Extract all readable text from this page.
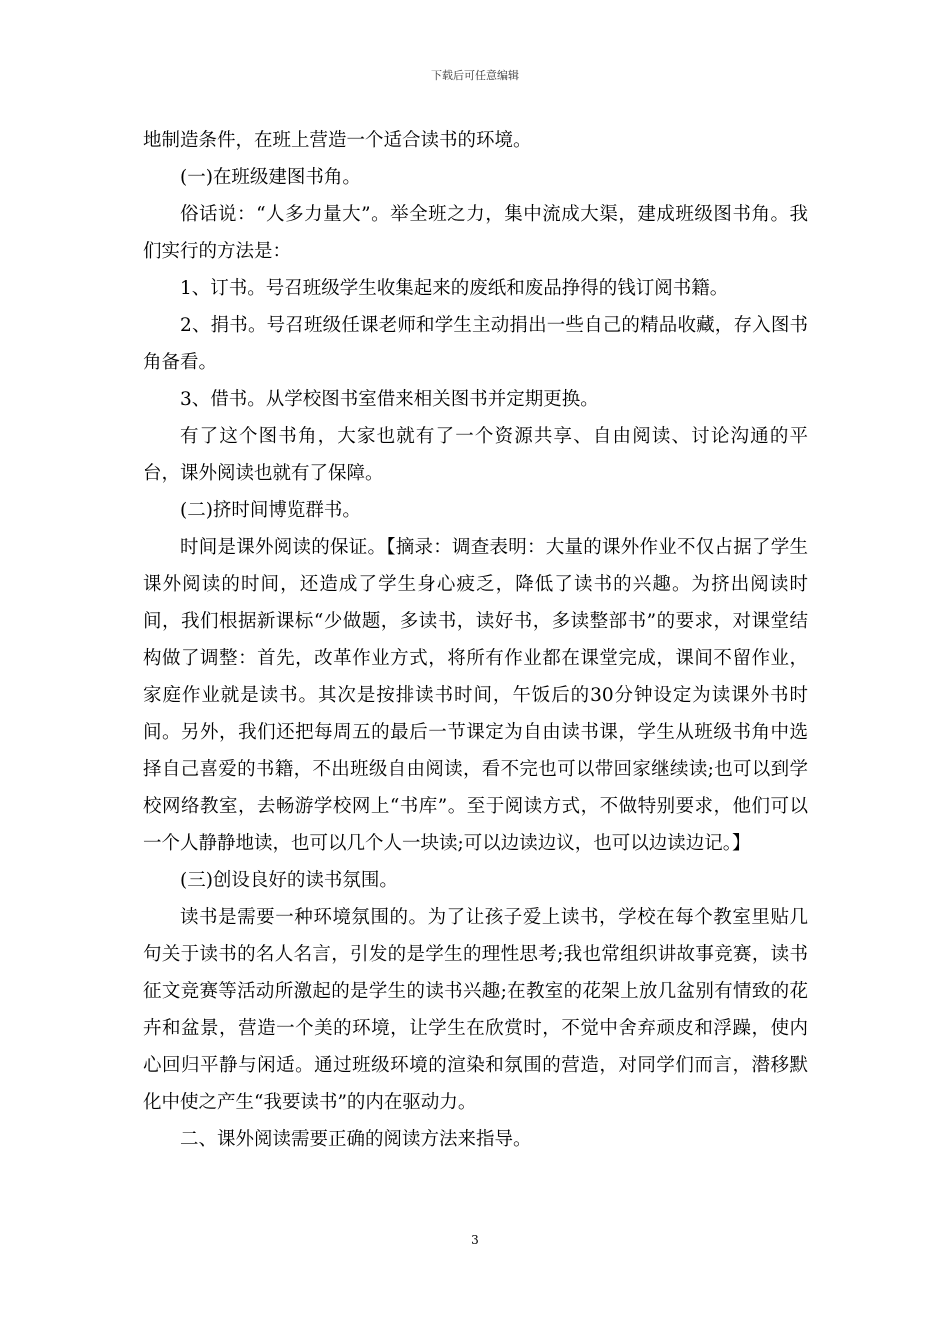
下载后可任意编辑

地制造条件，在班上营造一个适合读书的环境。

(一)在班级建图书角。

俗话说：“人多力量大”。举全班之力，集中流成大渠，建成班级图书角。我们实行的方法是：

1、订书。号召班级学生收集起来的废纸和废品挣得的钱订阅书籍。

2、捐书。号召班级任课老师和学生主动捐出一些自己的精品收藏，存入图书角备看。

3、借书。从学校图书室借来相关图书并定期更换。

有了这个图书角，大家也就有了一个资源共享、自由阅读、讨论沟通的平台，课外阅读也就有了保障。

(二)挤时间博览群书。

时间是课外阅读的保证。【摘录：调查表明：大量的课外作业不仅占据了学生课外阅读的时间，还造成了学生身心疲乏，降低了读书的兴趣。为挤出阅读时间，我们根据新课标“少做题，多读书，读好书，多读整部书”的要求，对课堂结构做了调整：首先，改革作业方式，将所有作业都在课堂完成，课间不留作业，家庭作业就是读书。其次是按排读书时间，午饭后的30分钟设定为读课外书时间。另外，我们还把每周五的最后一节课定为自由读书课，学生从班级书角中选择自己喜爱的书籍，不出班级自由阅读，看不完也可以带回家继续读;也可以到学校网络教室，去畅游学校网上“书库”。至于阅读方式，不做特别要求，他们可以一个人静静地读，也可以几个人一块读;可以边读边议，也可以边读边记。】

(三)创设良好的读书氛围。

读书是需要一种环境氛围的。为了让孩子爱上读书，学校在每个教室里贴几句关于读书的名人名言，引发的是学生的理性思考;我也常组织讲故事竞赛，读书征文竞赛等活动所激起的是学生的读书兴趣;在教室的花架上放几盆别有情致的花卉和盆景，营造一个美的环境，让学生在欣赏时，不觉中舍弃顽皮和浮躁，使内心回归平静与闲适。通过班级环境的渲染和氛围的营造，对同学们而言，潜移默化中使之产生“我要读书”的内在驱动力。

二、课外阅读需要正确的阅读方法来指导。

3
